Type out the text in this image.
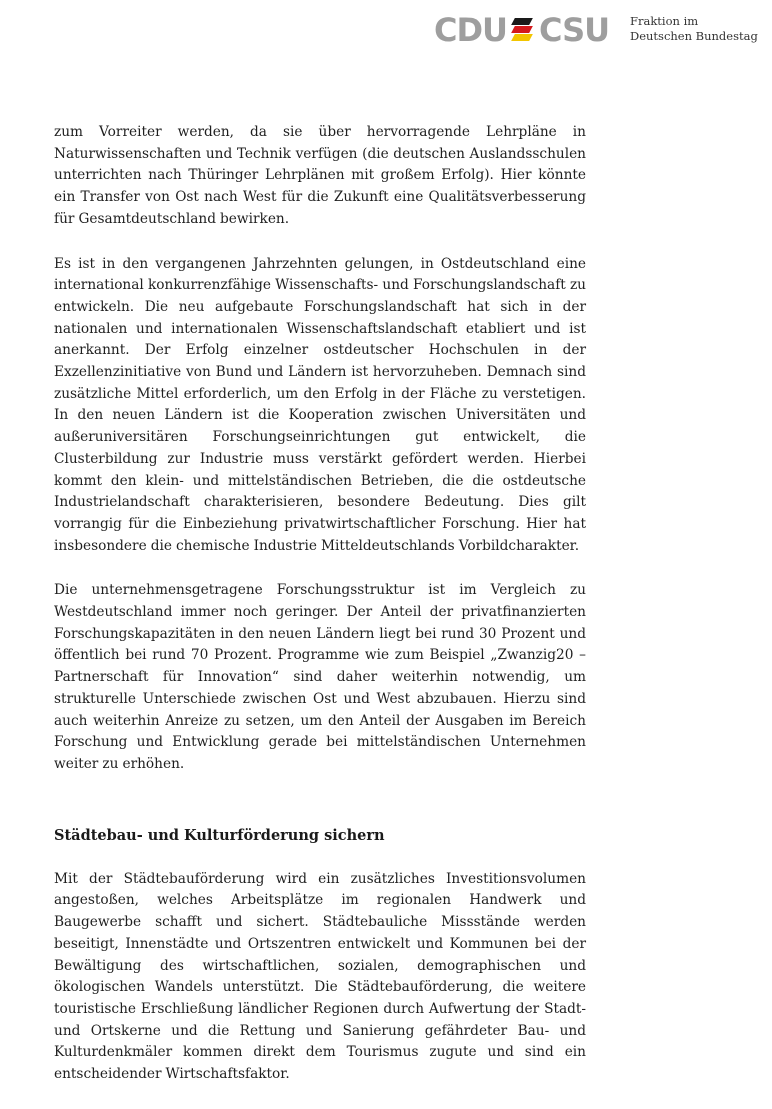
CDU CSU Fraktion im
Deutschen Bundestag

zum Vorreiter werden, da sie über hervorragende Lehrpläne in Naturwissenschaften und Technik verfügen (die deutschen Auslandsschulen unterrichten nach Thüringer Lehrplänen mit großem Erfolg). Hier könnte ein Transfer von Ost nach West für die Zukunft eine Qualitätsverbesserung für Gesamtdeutschland bewirken.

Es ist in den vergangenen Jahrzehnten gelungen, in Ostdeutschland eine international konkurrenzfähige Wissenschafts- und Forschungslandschaft zu entwickeln. Die neu aufgebaute Forschungslandschaft hat sich in der nationalen und internationalen Wissenschaftslandschaft etabliert und ist anerkannt. Der Erfolg einzelner ostdeutscher Hochschulen in der Exzellenzinitiative von Bund und Ländern ist hervorzuheben. Demnach sind zusätzliche Mittel erforderlich, um den Erfolg in der Fläche zu verstetigen. In den neuen Ländern ist die Kooperation zwischen Universitäten und außeruniversitären Forschungseinrichtungen gut entwickelt, die Clusterbildung zur Industrie muss verstärkt gefördert werden. Hierbei kommt den klein- und mittelständischen Betrieben, die die ostdeutsche Industrielandschaft charakterisieren, besondere Bedeutung. Dies gilt vorrangig für die Einbeziehung privatwirtschaftlicher Forschung. Hier hat insbesondere die chemische Industrie Mitteldeutschlands Vorbildcharakter.

Die unternehmensgetragene Forschungsstruktur ist im Vergleich zu Westdeutschland immer noch geringer. Der Anteil der privatfinanzierten Forschungskapazitäten in den neuen Ländern liegt bei rund 30 Prozent und öffentlich bei rund 70 Prozent. Programme wie zum Beispiel „Zwanzig20 – Partnerschaft für Innovation“ sind daher weiterhin notwendig, um strukturelle Unterschiede zwischen Ost und West abzubauen. Hierzu sind auch weiterhin Anreize zu setzen, um den Anteil der Ausgaben im Bereich Forschung und Entwicklung gerade bei mittelständischen Unternehmen weiter zu erhöhen.

Städtebau- und Kulturförderung sichern

Mit der Städtebauförderung wird ein zusätzliches Investitionsvolumen angestoßen, welches Arbeitsplätze im regionalen Handwerk und Baugewerbe schafft und sichert. Städtebauliche Missstände werden beseitigt, Innenstädte und Ortszentren entwickelt und Kommunen bei der Bewältigung des wirtschaftlichen, sozialen, demographischen und ökologischen Wandels unterstützt. Die Städtebauförderung, die weitere touristische Erschließung ländlicher Regionen durch Aufwertung der Stadt- und Ortskerne und die Rettung und Sanierung gefährdeter Bau- und Kulturdenkmäler kommen direkt dem Tourismus zugute und sind ein entscheidender Wirtschaftsfaktor.
